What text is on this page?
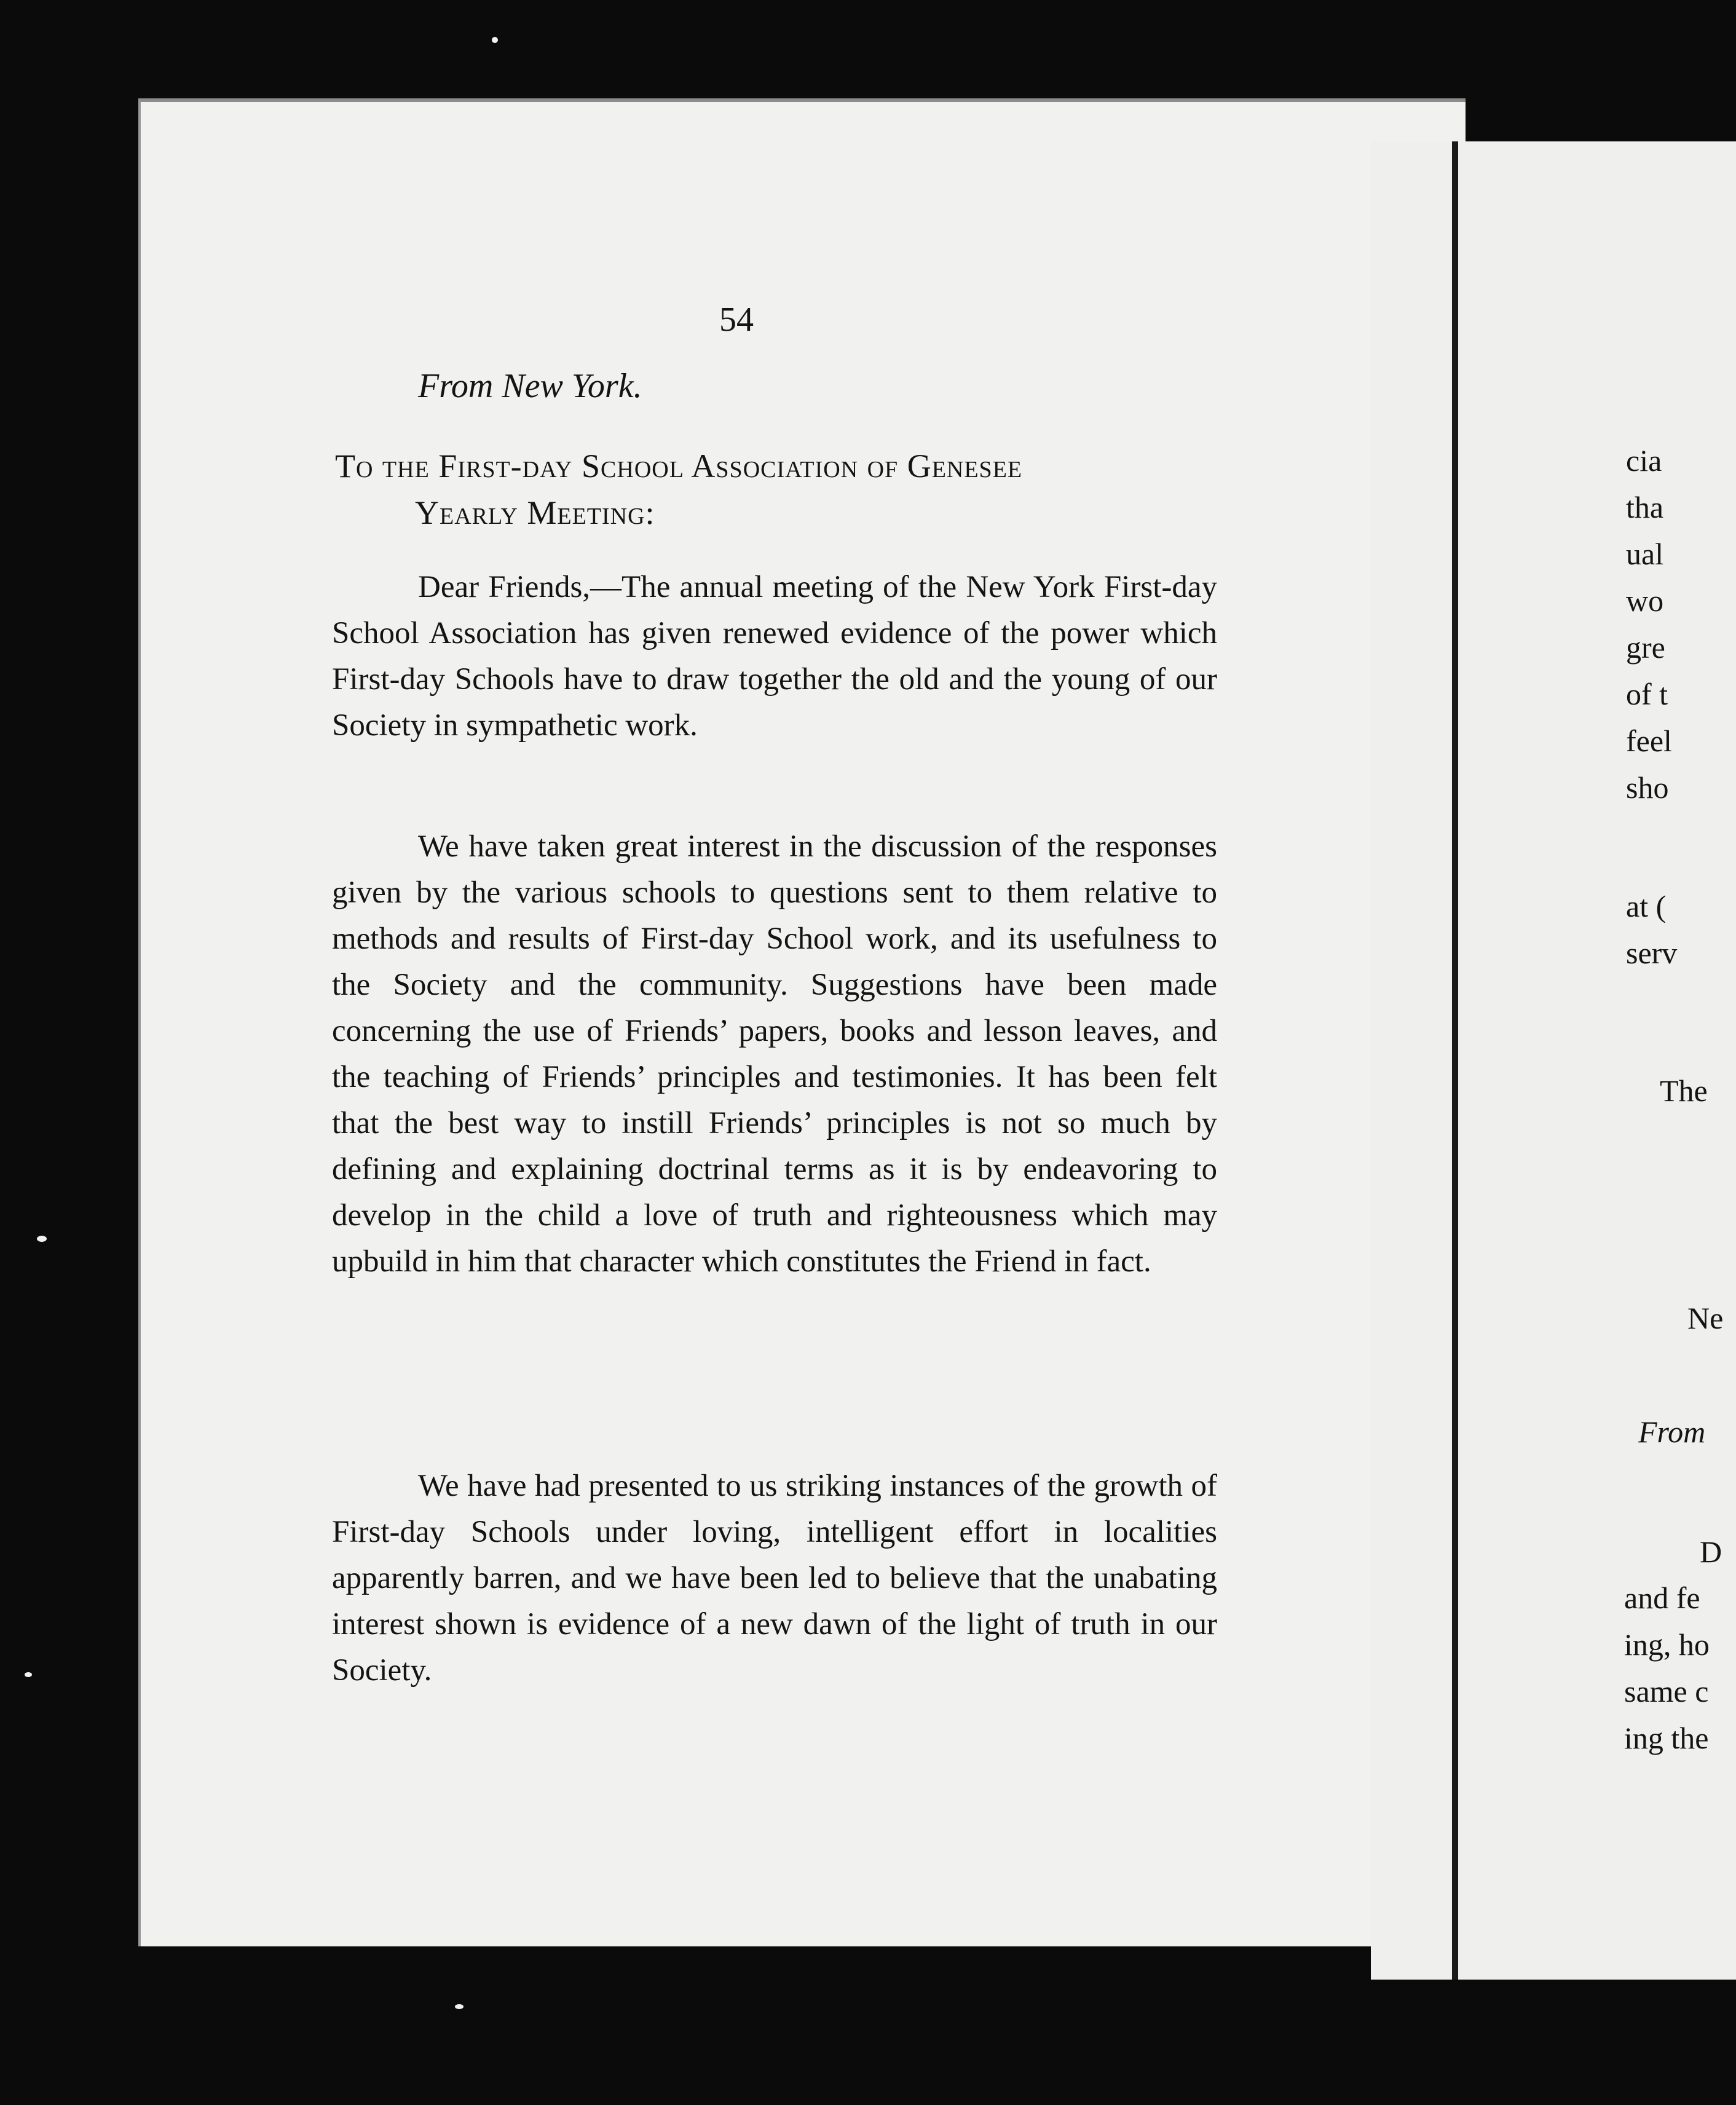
54
From New York.
To the First-day School Association of Genesee
Yearly Meeting:

Dear Friends,—The annual meeting of the New York First-day School Association has given renewed evidence of the power which First-day Schools have to draw together the old and the young of our Society in sympathetic work.

We have taken great interest in the discussion of the responses given by the various schools to questions sent to them relative to methods and results of First-day School work, and its usefulness to the Society and the community. Suggestions have been made concerning the use of Friends’ papers, books and lesson leaves, and the teaching of Friends’ principles and testimonies. It has been felt that the best way to instill Friends’ principles is not so much by defining and explaining doctrinal terms as it is by endeavoring to develop in the child a love of truth and righteousness which may upbuild in him that character which constitutes the Friend in fact.

We have had presented to us striking instances of the growth of First-day Schools under loving, intelligent effort in localities apparently barren, and we have been led to believe that the unabating interest shown is evidence of a new dawn of the light of truth in our Society.

cia
tha
ual
wo
gre
of t
feel
sho
at (
serv
The
Ne
From
D
and fe
ing, ho
same c
ing the
